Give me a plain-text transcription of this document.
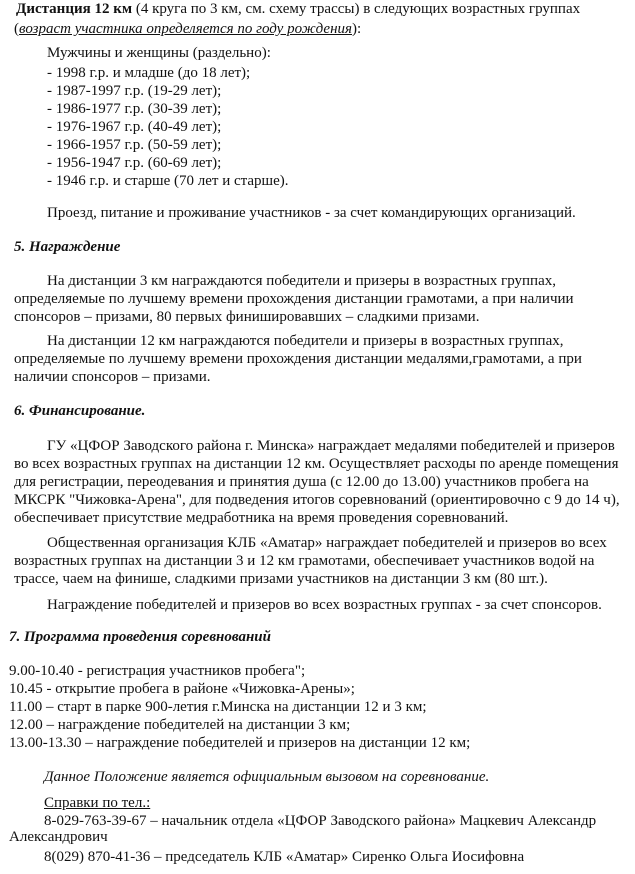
Дистанция 12 км (4 круга по 3 км, см. схему трассы) в следующих возрастных группах

(возраст участника определяется по году рождения):

Мужчины и женщины (раздельно):

- 1998 г.р. и младше (до 18 лет);

- 1987-1997 г.р. (19-29 лет);

- 1986-1977 г.р. (30-39 лет);

- 1976-1967 г.р. (40-49 лет);

- 1966-1957 г.р. (50-59 лет);

- 1956-1947 г.р. (60-69 лет);

- 1946 г.р. и старше (70 лет и старше).

Проезд, питание и проживание участников - за счет командирующих организаций.

5. Награждение

На дистанции 3 км награждаются победители и призеры в возрастных группах,

определяемые по лучшему времени прохождения дистанции грамотами, а при наличии

спонсоров – призами, 80 первых финишировавших – сладкими призами.

На дистанции 12 км награждаются победители и призеры в возрастных группах,

определяемые по лучшему времени прохождения дистанции медалями,грамотами, а при

наличии спонсоров – призами.

6. Финансирование.

ГУ «ЦФОР Заводского района г. Минска» награждает медалями победителей и призеров

во всех возрастных группах на дистанции 12 км. Осуществляет расходы по аренде помещения

для регистрации, переодевания и принятия душа (с 12.00 до 13.00) участников пробега на

МКСРК "Чижовка-Арена", для подведения итогов соревнований (ориентировочно с 9 до 14 ч),

обеспечивает присутствие медработника на время проведения соревнований.

Общественная организация КЛБ «Аматар» награждает победителей и призеров во всех

возрастных группах на дистанции 3 и 12 км грамотами, обеспечивает участников водой на

трассе, чаем на финише, сладкими призами участников на дистанции 3 км (80 шт.).

Награждение победителей и призеров во всех возрастных группах - за счет спонсоров.

7. Программа проведения соревнований

9.00-10.40 - регистрация участников пробега";

10.45 - открытие пробега в районе «Чижовка-Арены»;

11.00 – старт в парке 900-летия г.Минска на дистанции 12 и 3 км;

12.00 – награждение победителей на дистанции 3 км;

13.00-13.30 – награждение победителей и призеров на дистанции 12 км;

Данное Положение является официальным вызовом на соревнование.

Справки по тел.:

8-029-763-39-67 – начальник отдела «ЦФОР Заводского района» Мацкевич Александр

Александрович

8(029) 870-41-36 – председатель КЛБ «Аматар» Сиренко Ольга Иосифовна
